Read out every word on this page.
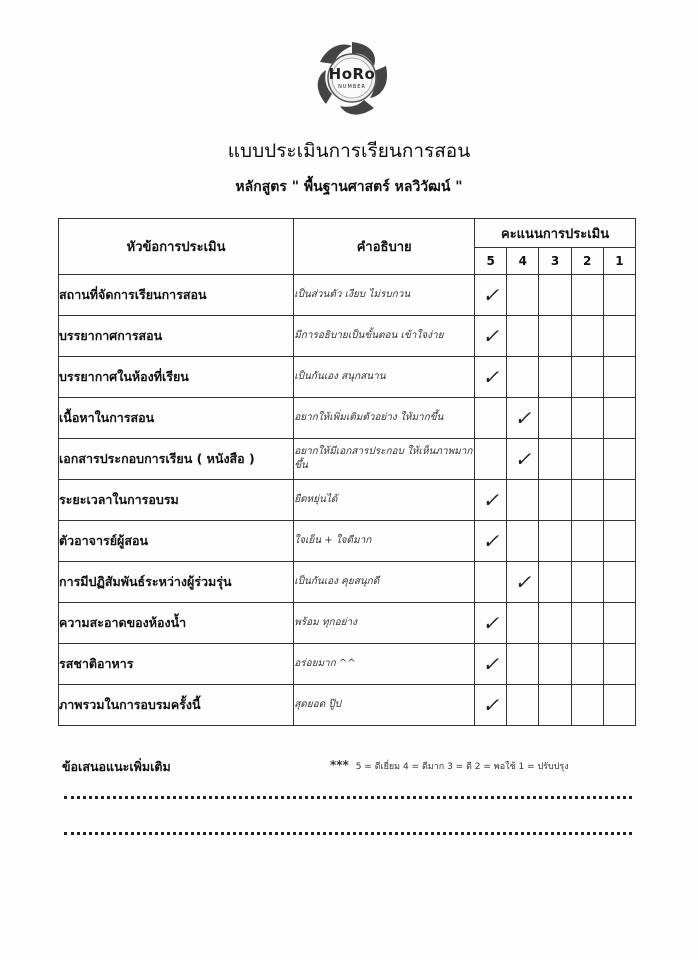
HoRo
NUMBER
แบบประเมินการเรียนการสอน
หลักสูตร " พื้นฐานศาสตร์ หลวิวัฒน์ "
หัวข้อการประเมิน	คำอธิบาย	คะแนนการประเมิน				
		5	4	3	2	1
สถานที่จัดการเรียนการสอน	เป็นส่วนตัว เงียบ ไม่รบกวน	✓				
บรรยากาศการสอน	มีการอธิบายเป็นขั้นตอน เข้าใจง่าย	✓				
บรรยากาศในห้องที่เรียน	เป็นกันเอง สนุกสนาน	✓				
เนื้อหาในการสอน	อยากให้เพิ่มเติมตัวอย่าง ให้มากขึ้น		✓			
เอกสารประกอบการเรียน ( หนังสือ )	อยากให้มีเอกสารประกอบ ให้เห็นภาพมากขึ้น		✓			
ระยะเวลาในการอบรม	ยืดหยุ่นได้	✓				
ตัวอาจารย์ผู้สอน	ใจเย็น + ใจดีมาก	✓				
การมีปฏิสัมพันธ์ระหว่างผู้ร่วมรุ่น	เป็นกันเอง คุยสนุกดี		✓			
ความสะอาดของห้องน้ำ	พร้อม ทุกอย่าง	✓				
รสชาติอาหาร	อร่อยมาก ^^	✓				
ภาพรวมในการอบรมครั้งนี้	สุดยอด ปู๊ป	✓				
ข้อเสนอแนะเพิ่มเติม	*** 5 = ดีเยี่ยม 4 = ดีมาก 3 = ดี 2 = พอใช้ 1 = ปรับปรุง
